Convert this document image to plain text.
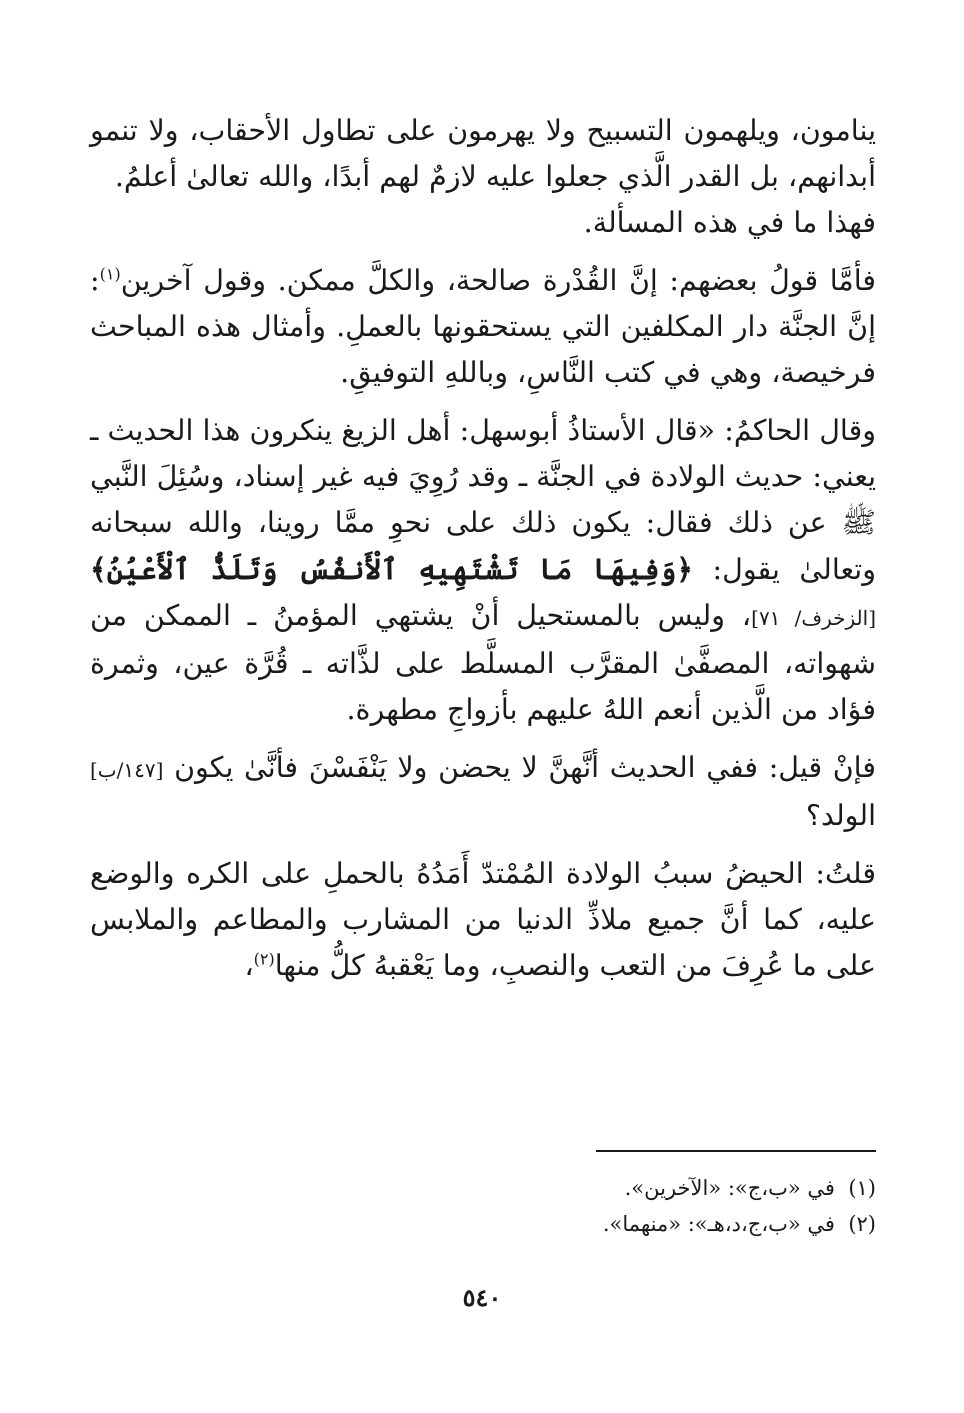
ينامون، ويلهمون التسبيح ولا يهرمون على تطاول الأحقاب، ولا تنمو أبدانهم، بل القدر الَّذي جعلوا عليه لازمٌ لهم أبدًا، والله تعالىٰ أعلمُ.

فهذا ما في هذه المسألة.

فأمَّا قولُ بعضهم: إنَّ القُدْرة صالحة، والكلَّ ممكن. وقول آخرين$^{(١)}$: إنَّ الجنَّة دار المكلفين التي يستحقونها بالعملِ. وأمثال هذه المباحث فرخيصة، وهي في كتب النَّاسِ، وباللهِ التوفيقِ.

وقال الحاكمُ: «قال الأستاذُ أبوسهل: أهل الزيغ ينكرون هذا الحديث ـ يعني: حديث الولادة في الجنَّة ـ وقد رُوِيَ فيه غير إسناد، وسُئِلَ النَّبي ﷺ عن ذلك فقال: يكون ذلك على نحوِ ممَّا روينا، والله سبحانه وتعالىٰ يقول: ﴿وَفِيهَا مَا تَشْتَهِيهِ ٱلْأَنفُسُ وَتَلَذُّ ٱلْأَعْيُنُ﴾ [الزخرف/ ٧١]، وليس بالمستحيل أنْ يشتهي المؤمنُ ـ الممكن من شهواته، المصفَّىٰ المقرَّب المسلَّط على لذَّاته ـ قُرَّة عين، وثمرة فؤاد من الَّذين أنعم اللهُ عليهم بأزواجِ مطهرة.

فإنْ قيل: ففي الحديث أنَّهنَّ لا يحضن ولا يَنْفَسْنَ فأنَّىٰ يكون [١٤٧/ب] الولد؟

قلتُ: الحيضُ سببُ الولادة المُمْتدّ أَمَدُهُ بالحملِ على الكره والوضع عليه، كما أنَّ جميع ملاذِّ الدنيا من المشارب والمطاعم والملابس على ما عُرِفَ من التعب والنصبِ، وما يَعْقبهُ كلُّ منها$^{(٢)}$،

(١)  في «ب،ج»: «الآخرين».

(٢)  في «ب،ج،د،هـ»: «منهما».

٥٤٠
